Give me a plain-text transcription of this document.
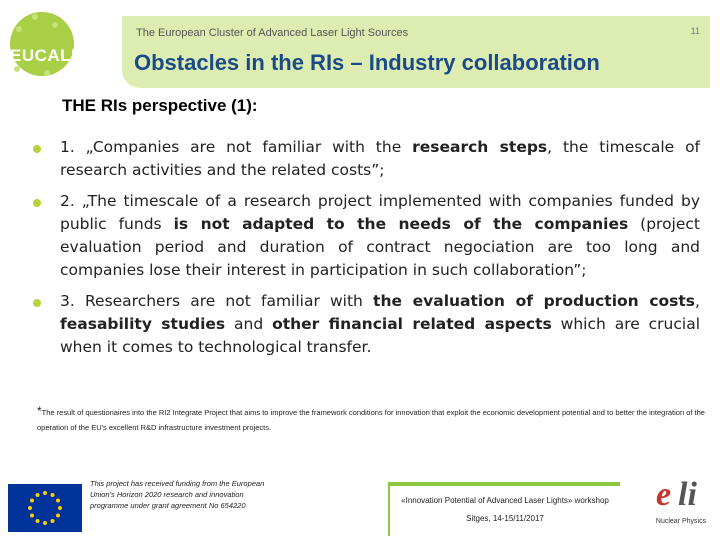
EUCALL
The European Cluster of Advanced Laser Light Sources	11
Obstacles in the RIs – Industry collaboration
THE RIs perspective (1):
1. „Companies are not familiar with the research steps, the timescale of research activities and the related costs”;
2. „The timescale of a research project implemented with companies funded by public funds is not adapted to the needs of the companies (project evaluation period and duration of contract negociation are too long and companies lose their interest in participation in such collaboration”;
3. Researchers are not familiar with the evaluation of production costs, feasability studies and other financial related aspects which are crucial when it comes to technological transfer.
*The result of questionaires into the RI2 Integrate Project that aims to improve the framework conditions for innovation that exploit the economic development potential and to better the integration of the operation of the EU's excellent R&D infrastructure investment projects.
This project has received funding from the European Union's Horizon 2020 research and innovation programme under grant agreement No 654220
«Innovation Potential of Advanced Laser Lights» workshop
Sitges, 14-15/11/2017
e li
Nuclear Physics
